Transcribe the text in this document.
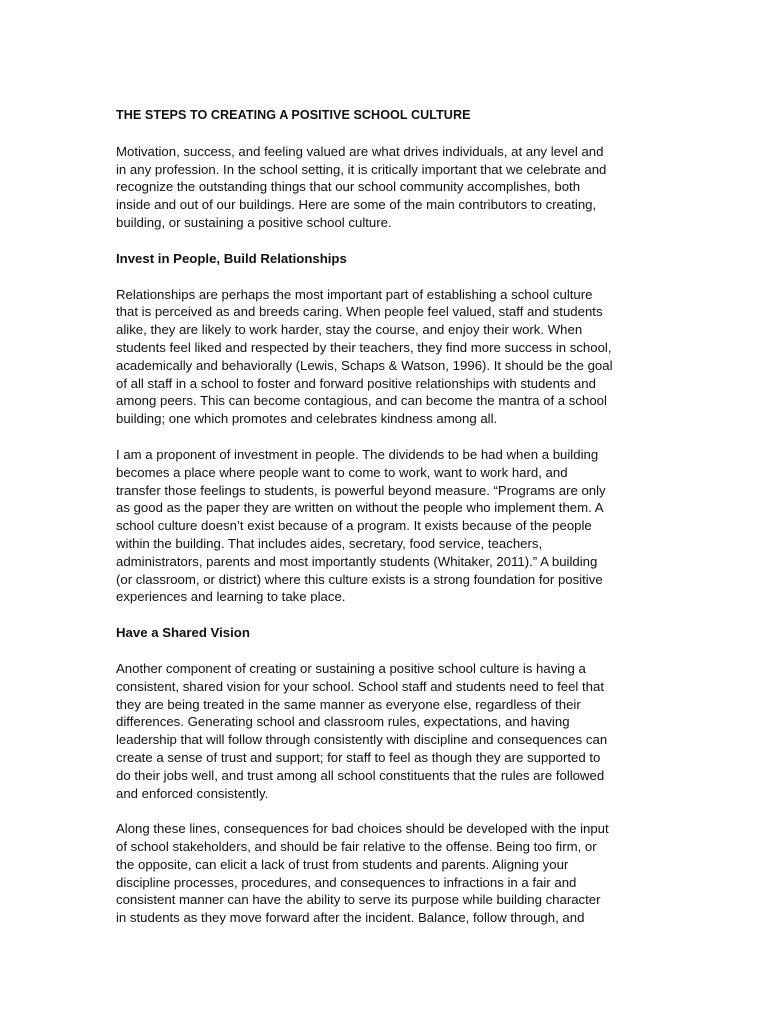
THE STEPS TO CREATING A POSITIVE SCHOOL CULTURE
Motivation, success, and feeling valued are what drives individuals, at any level and
in any profession. In the school setting, it is critically important that we celebrate and
recognize the outstanding things that our school community accomplishes, both
inside and out of our buildings. Here are some of the main contributors to creating,
building, or sustaining a positive school culture.
Invest in People, Build Relationships
Relationships are perhaps the most important part of establishing a school culture
that is perceived as and breeds caring. When people feel valued, staff and students
alike, they are likely to work harder, stay the course, and enjoy their work. When
students feel liked and respected by their teachers, they find more success in school,
academically and behaviorally (Lewis, Schaps & Watson, 1996). It should be the goal
of all staff in a school to foster and forward positive relationships with students and
among peers. This can become contagious, and can become the mantra of a school
building; one which promotes and celebrates kindness among all.
I am a proponent of investment in people. The dividends to be had when a building
becomes a place where people want to come to work, want to work hard, and
transfer those feelings to students, is powerful beyond measure. “Programs are only
as good as the paper they are written on without the people who implement them. A
school culture doesn’t exist because of a program. It exists because of the people
within the building. That includes aides, secretary, food service, teachers,
administrators, parents and most importantly students (Whitaker, 2011).” A building
(or classroom, or district) where this culture exists is a strong foundation for positive
experiences and learning to take place.
Have a Shared Vision
Another component of creating or sustaining a positive school culture is having a
consistent, shared vision for your school. School staff and students need to feel that
they are being treated in the same manner as everyone else, regardless of their
differences. Generating school and classroom rules, expectations, and having
leadership that will follow through consistently with discipline and consequences can
create a sense of trust and support; for staff to feel as though they are supported to
do their jobs well, and trust among all school constituents that the rules are followed
and enforced consistently.
Along these lines, consequences for bad choices should be developed with the input
of school stakeholders, and should be fair relative to the offense. Being too firm, or
the opposite, can elicit a lack of trust from students and parents. Aligning your
discipline processes, procedures, and consequences to infractions in a fair and
consistent manner can have the ability to serve its purpose while building character
in students as they move forward after the incident. Balance, follow through, and
